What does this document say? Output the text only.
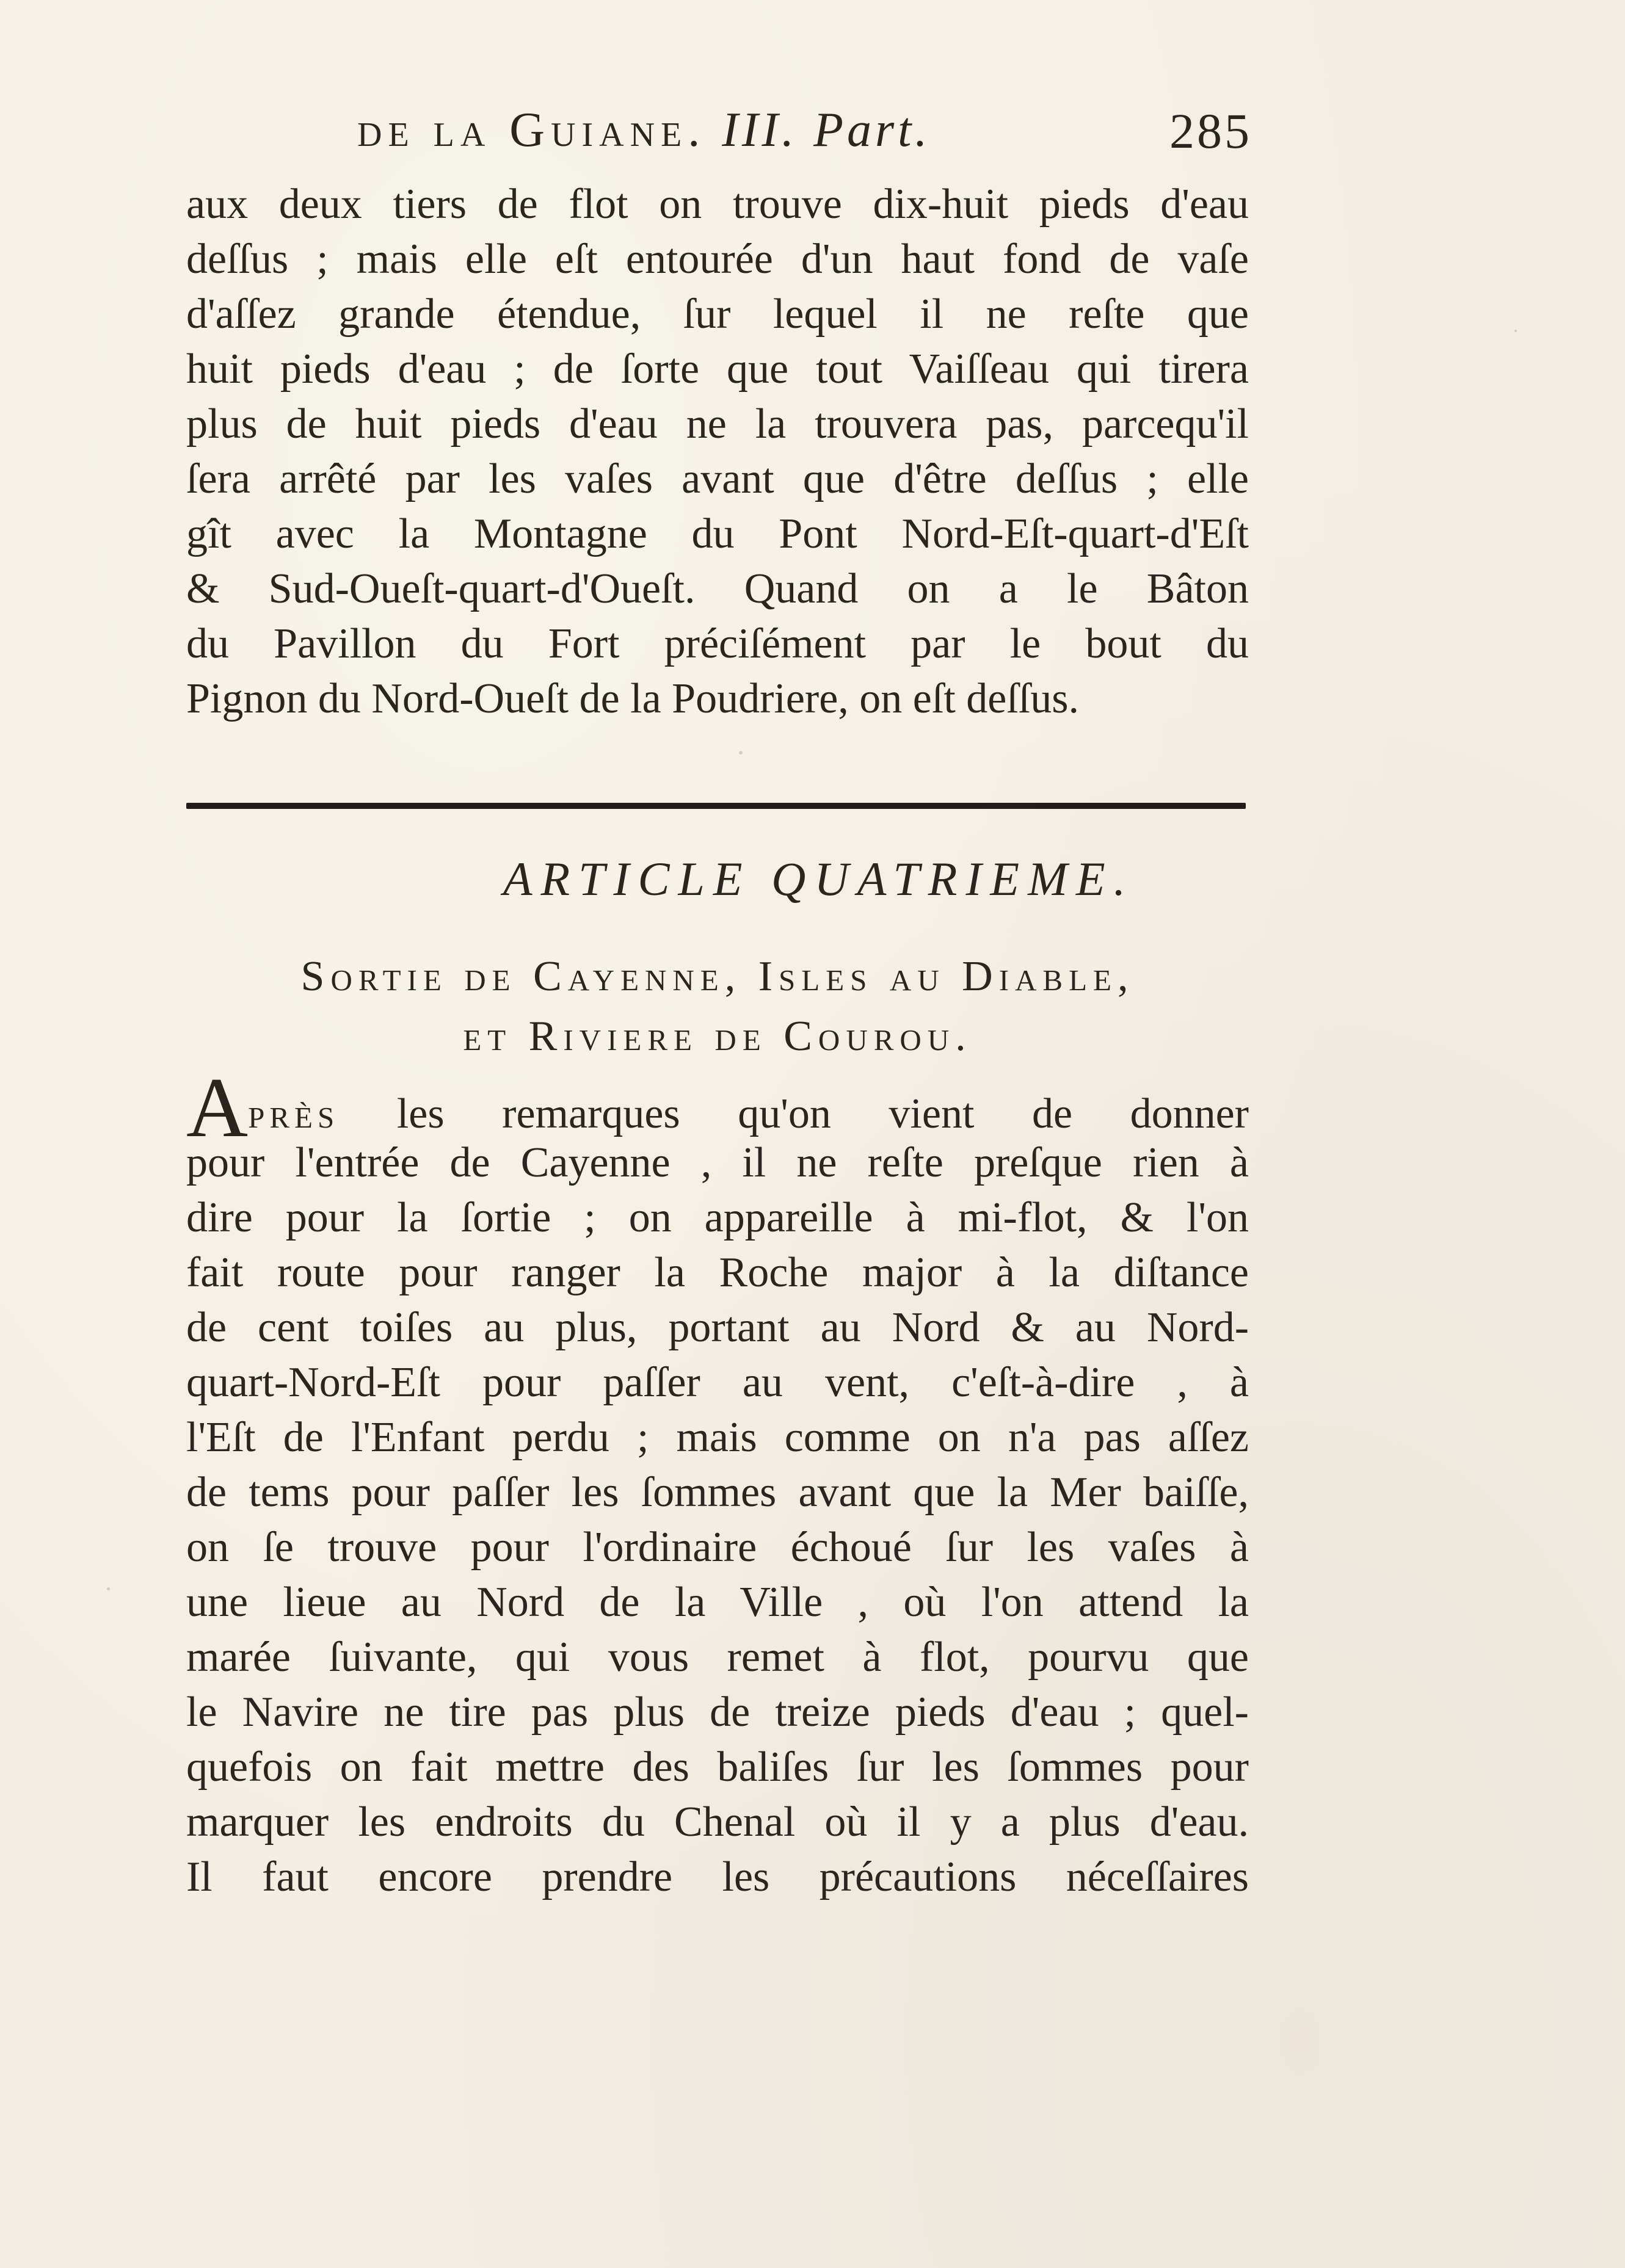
de la Guiane. III. Part.	285
aux deux tiers de flot on trouve dix-huit pieds d'eau
deſſus ; mais elle eſt entourée d'un haut fond de vaſe
d'aſſez grande étendue, ſur lequel il ne reſte que
huit pieds d'eau ; de ſorte que tout Vaiſſeau qui tirera
plus de huit pieds d'eau ne la trouvera pas, parcequ'il
ſera arrêté par les vaſes avant que d'être deſſus ; elle
gît avec la Montagne du Pont Nord-Eſt-quart-d'Eſt
& Sud-Oueſt-quart-d'Oueſt. Quand on a le Bâton
du Pavillon du Fort préciſément par le bout du
Pignon du Nord-Oueſt de la Poudriere, on eſt deſſus.
ARTICLE QUATRIEME.
Sortie de Cayenne, Isles au Diable,
et Riviere de Courou.
Après les remarques qu'on vient de donner
pour l'entrée de Cayenne , il ne reſte preſque rien à
dire pour la ſortie ; on appareille à mi-flot, & l'on
fait route pour ranger la Roche major à la diſtance
de cent toiſes au plus, portant au Nord & au Nord-
quart-Nord-Eſt pour paſſer au vent, c'eſt-à-dire , à
l'Eſt de l'Enfant perdu ; mais comme on n'a pas aſſez
de tems pour paſſer les ſommes avant que la Mer baiſſe,
on ſe trouve pour l'ordinaire échoué ſur les vaſes à
une lieue au Nord de la Ville , où l'on attend la
marée ſuivante, qui vous remet à flot, pourvu que
le Navire ne tire pas plus de treize pieds d'eau ; quel-
quefois on fait mettre des baliſes ſur les ſommes pour
marquer les endroits du Chenal où il y a plus d'eau.
Il faut encore prendre les précautions néceſſaires
